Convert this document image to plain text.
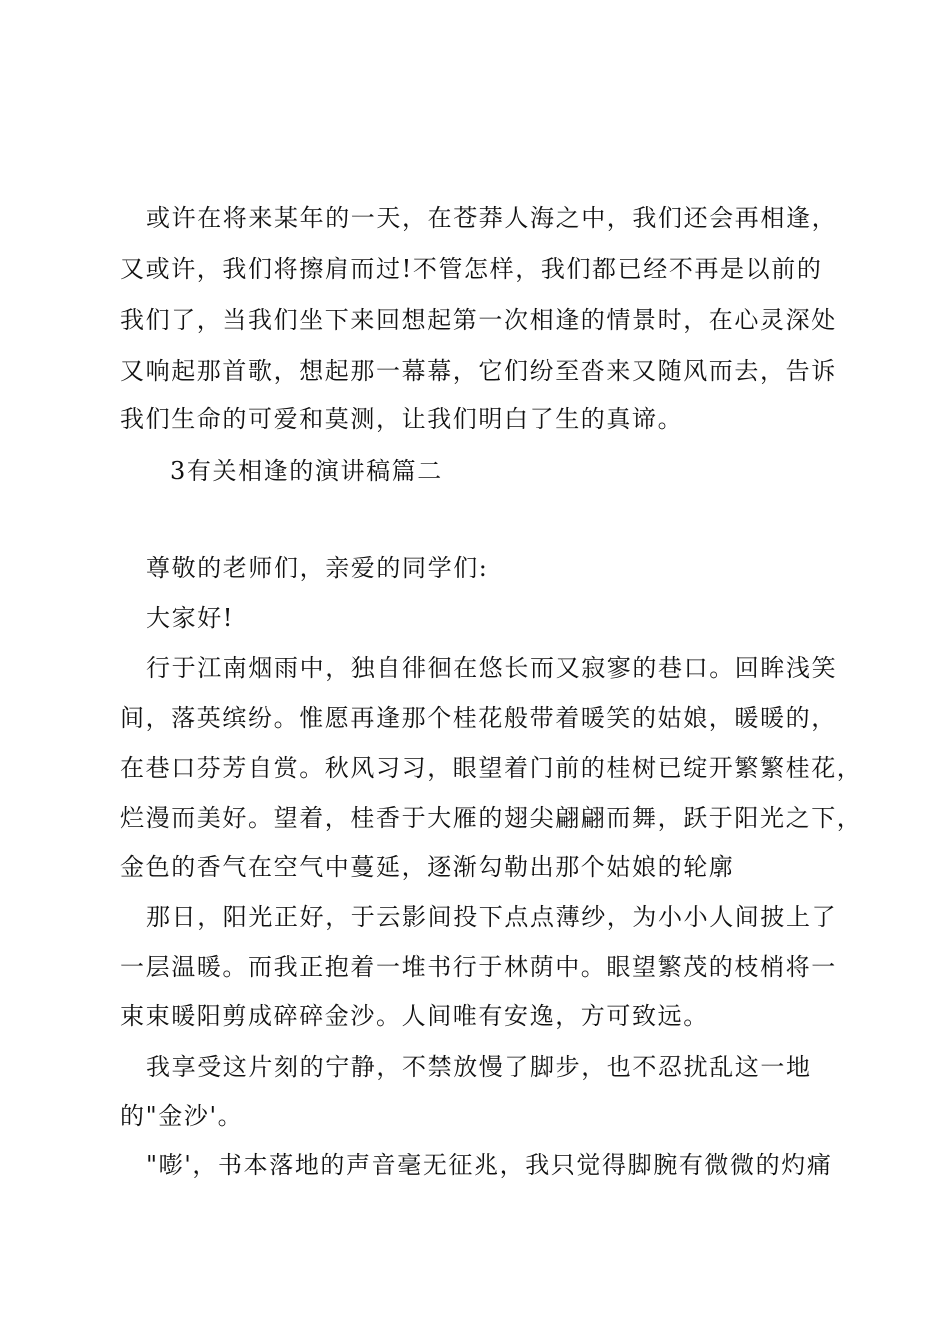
或许在将来某年的一天，在苍莽人海之中，我们还会再相逢，
又或许，我们将擦肩而过!不管怎样，我们都已经不再是以前的
我们了，当我们坐下来回想起第一次相逢的情景时，在心灵深处
又响起那首歌，想起那一幕幕，它们纷至沓来又随风而去，告诉
我们生命的可爱和莫测，让我们明白了生的真谛。
3有关相逢的演讲稿篇二
尊敬的老师们，亲爱的同学们:
大家好!
行于江南烟雨中，独自徘徊在悠长而又寂寥的巷口。回眸浅笑
间，落英缤纷。惟愿再逢那个桂花般带着暖笑的姑娘，暖暖的，
在巷口芬芳自赏。秋风习习，眼望着门前的桂树已绽开繁繁桂花，
烂漫而美好。望着，桂香于大雁的翅尖翩翩而舞，跃于阳光之下，
金色的香气在空气中蔓延，逐渐勾勒出那个姑娘的轮廓
那日，阳光正好，于云影间投下点点薄纱，为小小人间披上了
一层温暖。而我正抱着一堆书行于林荫中。眼望繁茂的枝梢将一
束束暖阳剪成碎碎金沙。人间唯有安逸，方可致远。
我享受这片刻的宁静，不禁放慢了脚步，也不忍扰乱这一地
的"金沙'。
"嘭'，书本落地的声音毫无征兆，我只觉得脚腕有微微的灼痛
